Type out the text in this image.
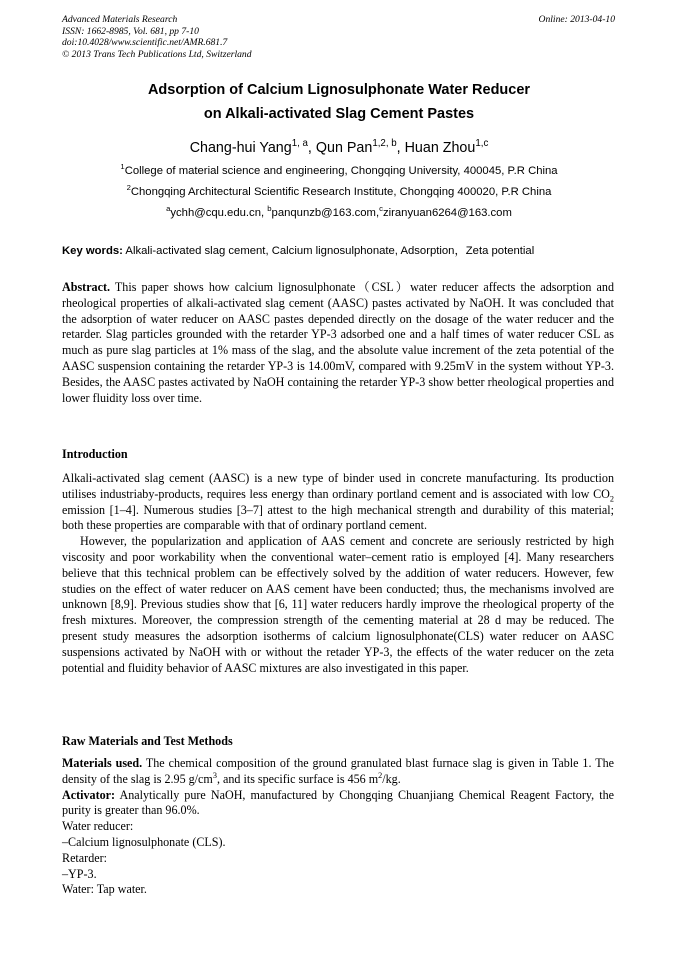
Advanced Materials Research
ISSN: 1662-8985, Vol. 681, pp 7-10
doi:10.4028/www.scientific.net/AMR.681.7
© 2013 Trans Tech Publications Ltd, Switzerland
Online: 2013-04-10
Adsorption of Calcium Lignosulphonate Water Reducer
on Alkali-activated Slag Cement Pastes
Chang-hui Yang$^{1, a}$, Qun Pan$^{1,2, b}$, Huan Zhou$^{1,c}$
$^1$College of material science and engineering, Chongqing University, 400045, P.R China
$^2$Chongqing Architectural Scientific Research Institute, Chongqing 400020, P.R China
$^a$ychh@cqu.edu.cn, $^b$panqunzb@163.com,$^c$ziranyuan6264@163.com
Key words: Alkali-activated slag cement, Calcium lignosulphonate, Adsorption，Zeta potential

Abstract. This paper shows how calcium lignosulphonate（CSL）water reducer affects the adsorption and rheological properties of alkali-activated slag cement (AASC) pastes activated by NaOH. It was concluded that the adsorption of water reducer on AASC pastes depended directly on the dosage of the water reducer and the retarder. Slag particles grounded with the retarder YP-3 adsorbed one and a half times of water reducer CSL as much as pure slag particles at 1% mass of the slag, and the absolute value increment of the zeta potential of the AASC suspension containing the retarder YP-3 is 14.00mV, compared with 9.25mV in the system without YP-3. Besides, the AASC pastes activated by NaOH containing the retarder YP-3 show better rheological properties and lower fluidity loss over time.

Introduction

Alkali-activated slag cement (AASC) is a new type of binder used in concrete manufacturing. Its production utilises industriaby-products, requires less energy than ordinary portland cement and is associated with low $CO_2$ emission [1–4]. Numerous studies [3–7] attest to the high mechanical strength and durability of this material; both these properties are comparable with that of ordinary portland cement.

However, the popularization and application of AAS cement and concrete are seriously restricted by high viscosity and poor workability when the conventional water–cement ratio is employed [4]. Many researchers believe that this technical problem can be effectively solved by the addition of water reducers. However, few studies on the effect of water reducer on AAS cement have been conducted; thus, the mechanisms involved are unknown [8,9]. Previous studies show that [6, 11] water reducers hardly improve the rheological property of the fresh mixtures. Moreover, the compression strength of the cementing material at 28 d may be reduced. The present study measures the adsorption isotherms of calcium lignosulphonate(CLS) water reducer on AASC suspensions activated by NaOH with or without the retader YP-3, the effects of the water reducer on the zeta potential and fluidity behavior of AASC mixtures are also investigated in this paper.

Raw Materials and Test Methods

Materials used. The chemical composition of the ground granulated blast furnace slag is given in Table 1. The density of the slag is 2.95 $g/cm^3$, and its specific surface is 456 $m^2/kg$.

Activator: Analytically pure NaOH, manufactured by Chongqing Chuanjiang Chemical Reagent Factory, the purity is greater than 96.0%.

Water reducer:

–Calcium lignosulphonate (CLS).

Retarder:

–YP-3.

Water: Tap water.
